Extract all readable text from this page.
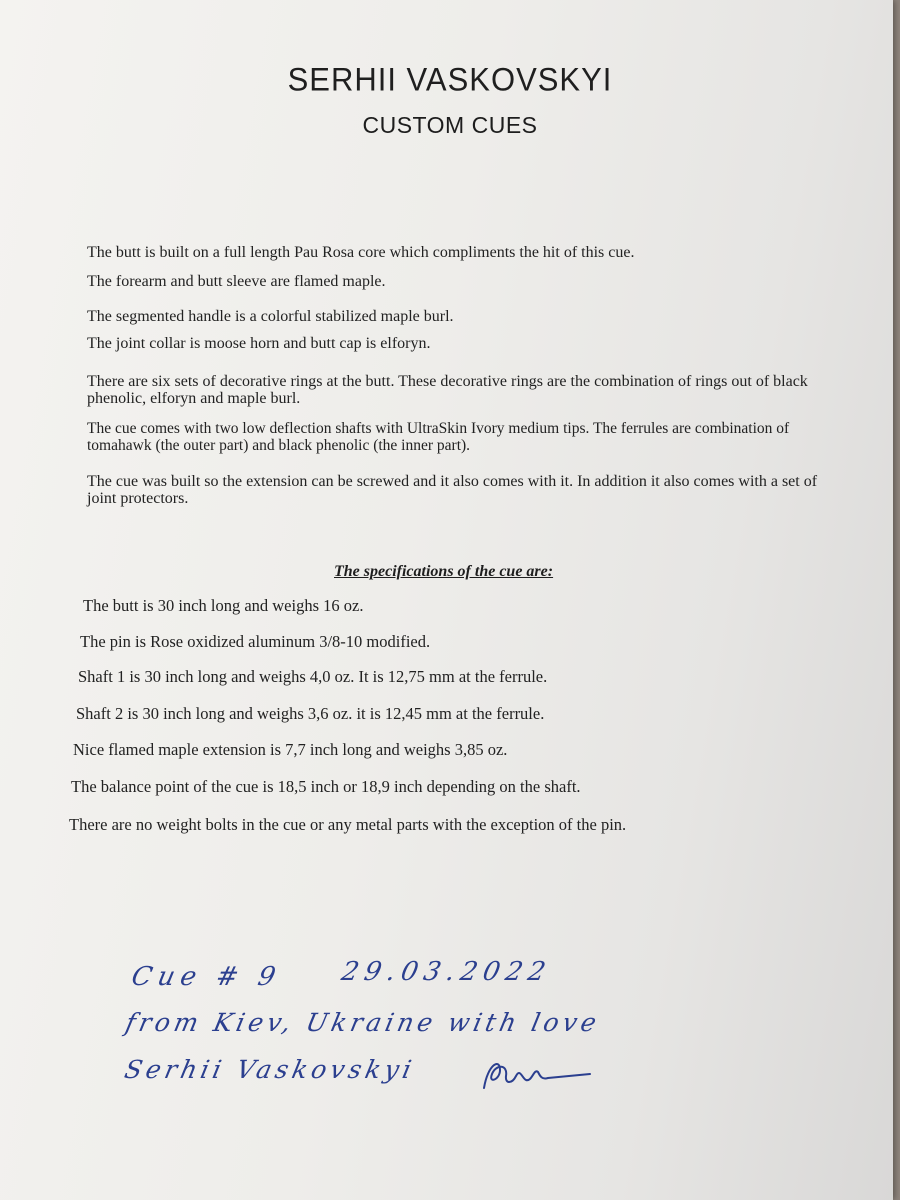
SERHII VASKOVSKYI
CUSTOM CUES

The butt is built on a full length Pau Rosa core which compliments the hit of this cue.

The forearm and butt sleeve are flamed maple.

The segmented handle is a colorful stabilized maple burl.

The joint collar is moose horn and butt cap is elforyn.

There are six sets of decorative rings at the butt. These decorative rings are the combination of rings out of black phenolic, elforyn and maple burl.

The cue comes with two low deflection shafts with UltraSkin Ivory medium tips. The ferrules are combination of tomahawk (the outer part) and black phenolic (the inner part).

The cue was built so the extension can be screwed and it also comes with it. In addition it also comes with a set of joint protectors.

The specifications of the cue are:

The butt is 30 inch long and weighs 16 oz.

The pin is Rose oxidized aluminum 3/8-10 modified.

Shaft 1 is 30 inch long and weighs 4,0 oz. It is 12,75 mm at the ferrule.

Shaft 2 is 30 inch long and weighs 3,6 oz. it is 12,45 mm at the ferrule.

Nice flamed maple extension is 7,7 inch long and weighs 3,85 oz.

The balance point of the cue is 18,5 inch or 18,9 inch depending on the shaft.

There are no weight bolts in the cue or any metal parts with the exception of the pin.

Cue # 9 29.03.2022
from Kiev, Ukraine with love
Serhii Vaskovskyi
